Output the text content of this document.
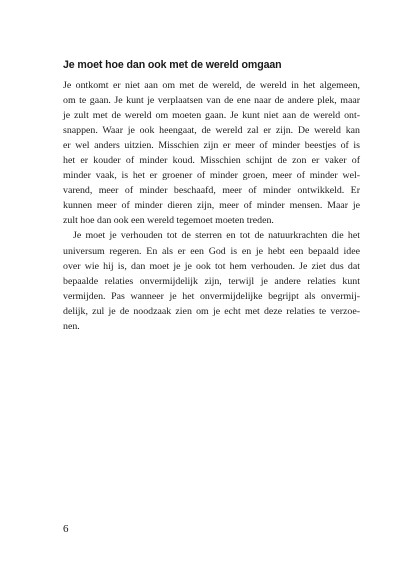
Je moet hoe dan ook met de wereld omgaan
Je ontkomt er niet aan om met de wereld, de wereld in het algemeen,
om te gaan. Je kunt je verplaatsen van de ene naar de andere plek, maar
je zult met de wereld om moeten gaan. Je kunt niet aan de wereld ont-
snappen. Waar je ook heengaat, de wereld zal er zijn. De wereld kan
er wel anders uitzien. Misschien zijn er meer of minder beestjes of is
het er kouder of minder koud. Misschien schijnt de zon er vaker of
minder vaak, is het er groener of minder groen, meer of minder wel-
varend, meer of minder beschaafd, meer of minder ontwikkeld. Er
kunnen meer of minder dieren zijn, meer of minder mensen. Maar je
zult hoe dan ook een wereld tegemoet moeten treden.
Je moet je verhouden tot de sterren en tot de natuurkrachten die het
universum regeren. En als er een God is en je hebt een bepaald idee
over wie hij is, dan moet je je ook tot hem verhouden. Je ziet dus dat
bepaalde relaties onvermijdelijk zijn, terwijl je andere relaties kunt
vermijden. Pas wanneer je het onvermijdelijke begrijpt als onvermij-
delijk, zul je de noodzaak zien om je echt met deze relaties te verzoe-
nen.
6
